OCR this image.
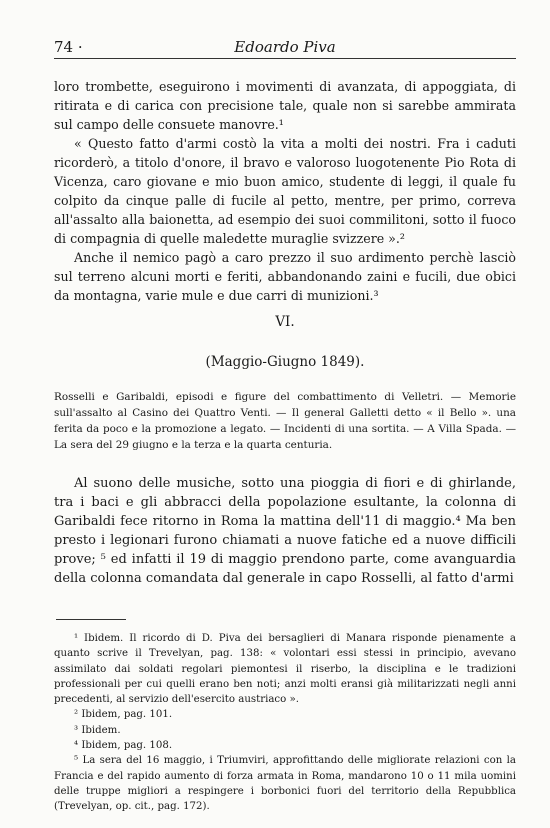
74 ·	Edoardo Piva

loro trombette, eseguirono i movimenti di avanzata, di appoggiata, di ritirata e di carica con precisione tale, quale non si sarebbe ammirata sul campo delle consuete manovre.¹

« Questo fatto d'armi costò la vita a molti dei nostri. Fra i caduti ricorderò, a titolo d'onore, il bravo e valoroso luogotenente Pio Rota di Vicenza, caro giovane e mio buon amico, studente di leggi, il quale fu colpito da cinque palle di fucile al petto, mentre, per primo, correva all'assalto alla baionetta, ad esempio dei suoi commilitoni, sotto il fuoco di compagnia di quelle maledette muraglie svizzere ».²

Anche il nemico pagò a caro prezzo il suo ardimento perchè lasciò sul terreno alcuni morti e feriti, abbandonando zaini e fucili, due obici da montagna, varie mule e due carri di munizioni.³

VI.
(Maggio-Giugno 1849).
Rosselli e Garibaldi, episodi e figure del combattimento di Velletri. — Memorie sull'assalto al Casino dei Quattro Venti. — Il general Galletti detto « il Bello ». una ferita da poco e la promozione a legato. — Incidenti di una sortita. — A Villa Spada. — La sera del 29 giugno e la terza e la quarta centuria.

Al suono delle musiche, sotto una pioggia di fiori e di ghirlande, tra i baci e gli abbracci della popolazione esultante, la colonna di Garibaldi fece ritorno in Roma la mattina dell'11 di maggio.⁴ Ma ben presto i legionari furono chiamati a nuove fatiche ed a nuove difficili prove; ⁵ ed infatti il 19 di maggio prendono parte, come avanguardia della colonna comandata dal generale in capo Rosselli, al fatto d'armi

¹ Ibidem. Il ricordo di D. Piva dei bersaglieri di Manara risponde pienamente a quanto scrive il Trevelyan, pag. 138: « volontari essi stessi in principio, avevano assimilato dai soldati regolari piemontesi il riserbo, la disciplina e le tradizioni professionali per cui quelli erano ben noti; anzi molti eransi già militarizzati negli anni precedenti, al servizio dell'esercito austriaco ».

² Ibidem, pag. 101.

³ Ibidem.

⁴ Ibidem, pag. 108.

⁵ La sera del 16 maggio, i Triumviri, approfittando delle migliorate relazioni con la Francia e del rapido aumento di forza armata in Roma, mandarono 10 o 11 mila uomini delle truppe migliori a respingere i borbonici fuori del territorio della Repubblica (Trevelyan, op. cit., pag. 172).
